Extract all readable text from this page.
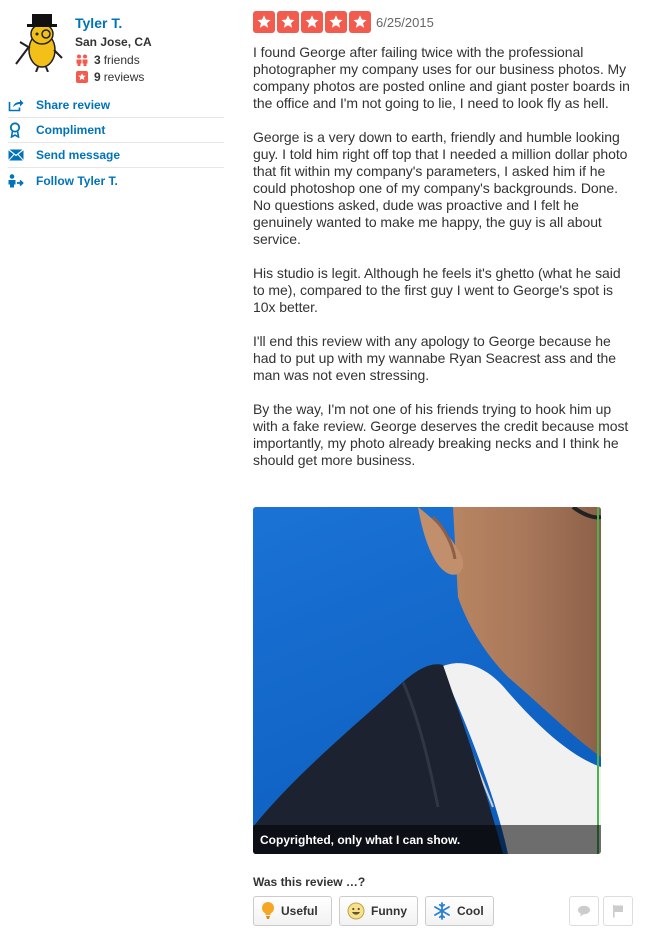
Tyler T.
San Jose, CA
3 friends
9 reviews
Share review
Compliment
Send message
Follow Tyler T.
6/25/2015

I found George after failing twice with the professional photographer my company uses for our business photos. My company photos are posted online and giant poster boards in the office and I'm not going to lie, I need to look fly as hell.

George is a very down to earth, friendly and humble looking guy. I told him right off top that I needed a million dollar photo that fit within my company's parameters, I asked him if he could photoshop one of my company's backgrounds. Done. No questions asked, dude was proactive and I felt he genuinely wanted to make me happy, the guy is all about service.

His studio is legit. Although he feels it's ghetto (what he said to me), compared to the first guy I went to George's spot is 10x better.

I'll end this review with any apology to George because he had to put up with my wannabe Ryan Seacrest ass and the man was not even stressing.

By the way, I'm not one of his friends trying to hook him up with a fake review. George deserves the credit because most importantly, my photo already breaking necks and I think he should get more business.

Copyrighted, only what I can show.
Was this review …?
Useful	Funny	Cool
